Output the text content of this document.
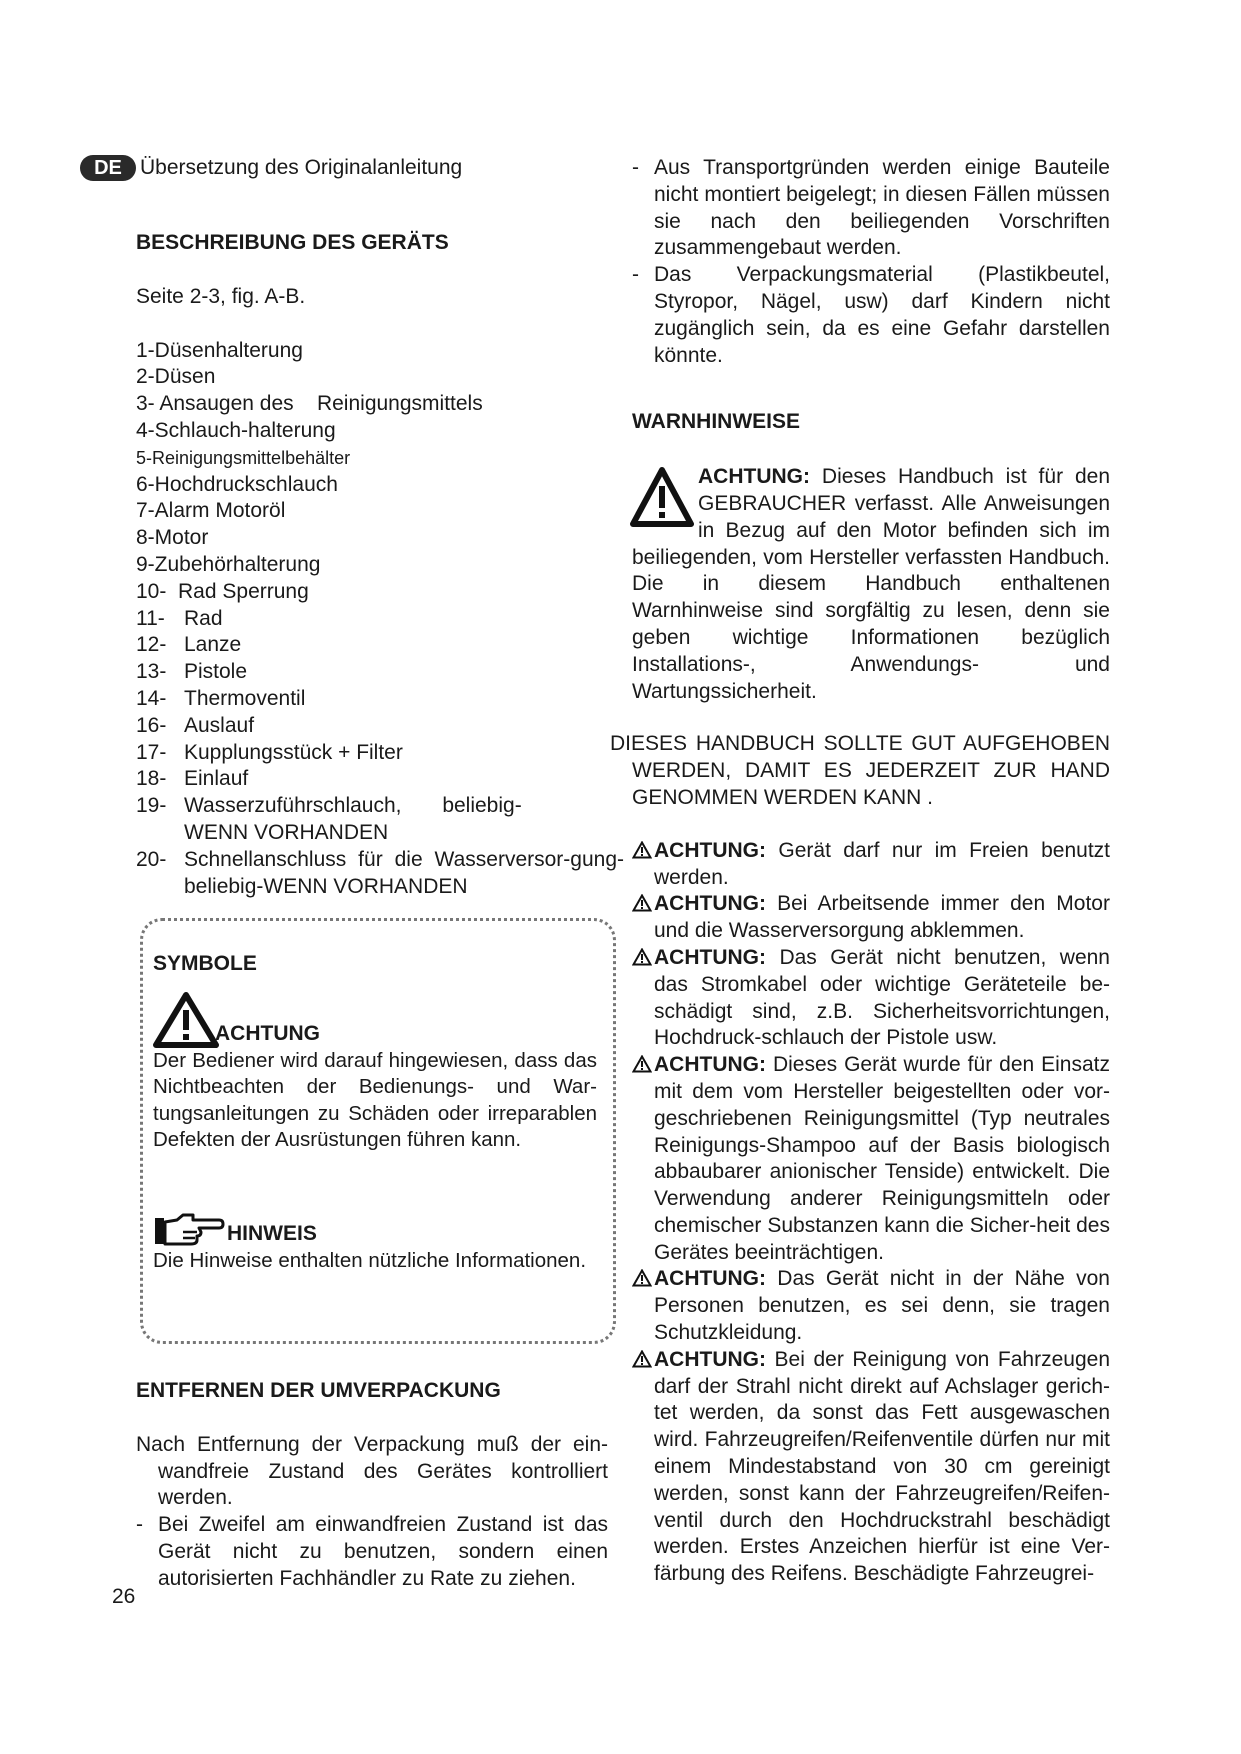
DE Übersetzung des Originalanleitung
BESCHREIBUNG DES GERÄTS
Seite 2-3, fig. A-B.
1-Düsenhalterung
2-Düsen
3- Ansaugen des    Reinigungsmittels
4-Schlauch-halterung
5-Reinigungsmittelbehälter
6-Hochdruckschlauch
7-Alarm Motoröl
8-Motor
9-Zubehörhalterung
10-  Rad Sperrung
11- Rad
12- Lanze
13- Pistole
14- Thermoventil
16- Auslauf
17- Kupplungsstück + Filter
18- Einlauf
19- Wasserzuführschlauch,       beliebig-       WENN VORHANDEN
20- Schnellanschluss für die Wasserversor-gung- beliebig-WENN VORHANDEN
SYMBOLE
ACHTUNG
Der Bediener wird darauf hingewiesen, dass das Nichtbeachten der Bedienungs- und War-tungsanleitungen zu Schäden oder irreparablen Defekten der Ausrüstungen führen kann.
HINWEIS
Die Hinweise enthalten nützliche Informationen.
ENTFERNEN DER UMVERPACKUNG
Nach Entfernung der Verpackung muß der ein-wandfreie Zustand des Gerätes kontrolliert werden.
- Bei Zweifel am einwandfreien Zustand ist das Gerät nicht zu benutzen, sondern einen autorisierten Fachhändler zu Rate zu ziehen.
26
- Aus Transportgründen werden einige Bauteile nicht montiert beigelegt; in diesen Fällen müssen sie nach den beiliegenden Vorschriften zusammengebaut werden.
- Das Verpackungsmaterial (Plastikbeutel, Styropor, Nägel, usw) darf Kindern nicht zugänglich sein, da es eine Gefahr darstellen könnte.
WARNHINWEISE
ACHTUNG: Dieses Handbuch ist für den GEBRAUCHER verfasst. Alle Anweisungen in Bezug auf den Motor befinden sich im beiliegenden, vom Hersteller verfassten Handbuch. Die in diesem Handbuch enthaltenen Warnhinweise sind sorgfältig zu lesen, denn sie geben wichtige Informationen bezüglich Installations-, Anwendungs- und Wartungssicherheit.
DIESES HANDBUCH SOLLTE GUT AUFGEHOBEN WERDEN, DAMIT ES JEDERZEIT ZUR HAND GENOMMEN WERDEN KANN .
ACHTUNG: Gerät darf nur im Freien benutzt werden.
ACHTUNG: Bei Arbeitsende immer den Motor und die Wasserversorgung abklemmen.
ACHTUNG: Das Gerät nicht benutzen, wenn das Stromkabel oder wichtige Geräteteile be-schädigt sind, z.B. Sicherheitsvorrichtungen, Hochdruck-schlauch der Pistole usw.
ACHTUNG: Dieses Gerät wurde für den Einsatz mit dem vom Hersteller beigestellten oder vor-geschriebenen Reinigungsmittel (Typ neutrales Reinigungs-Shampoo auf der Basis biologisch abbaubarer anionischer Tenside) entwickelt. Die Verwendung anderer Reinigungsmitteln oder chemischer Substanzen kann die Sicher-heit des Gerätes beeinträchtigen.
ACHTUNG: Das Gerät nicht in der Nähe von Personen benutzen, es sei denn, sie tragen Schutzkleidung.
ACHTUNG: Bei der Reinigung von Fahrzeugen darf der Strahl nicht direkt auf Achslager gerich-tet werden, da sonst das Fett ausgewaschen wird. Fahrzeugreifen/Reifenventile dürfen nur mit einem Mindestabstand von 30 cm gereinigt werden, sonst kann der Fahrzeugreifen/Reifen-ventil durch den Hochdruckstrahl beschädigt werden. Erstes Anzeichen hierfür ist eine Ver-färbung des Reifens. Beschädigte Fahrzeugrei-
